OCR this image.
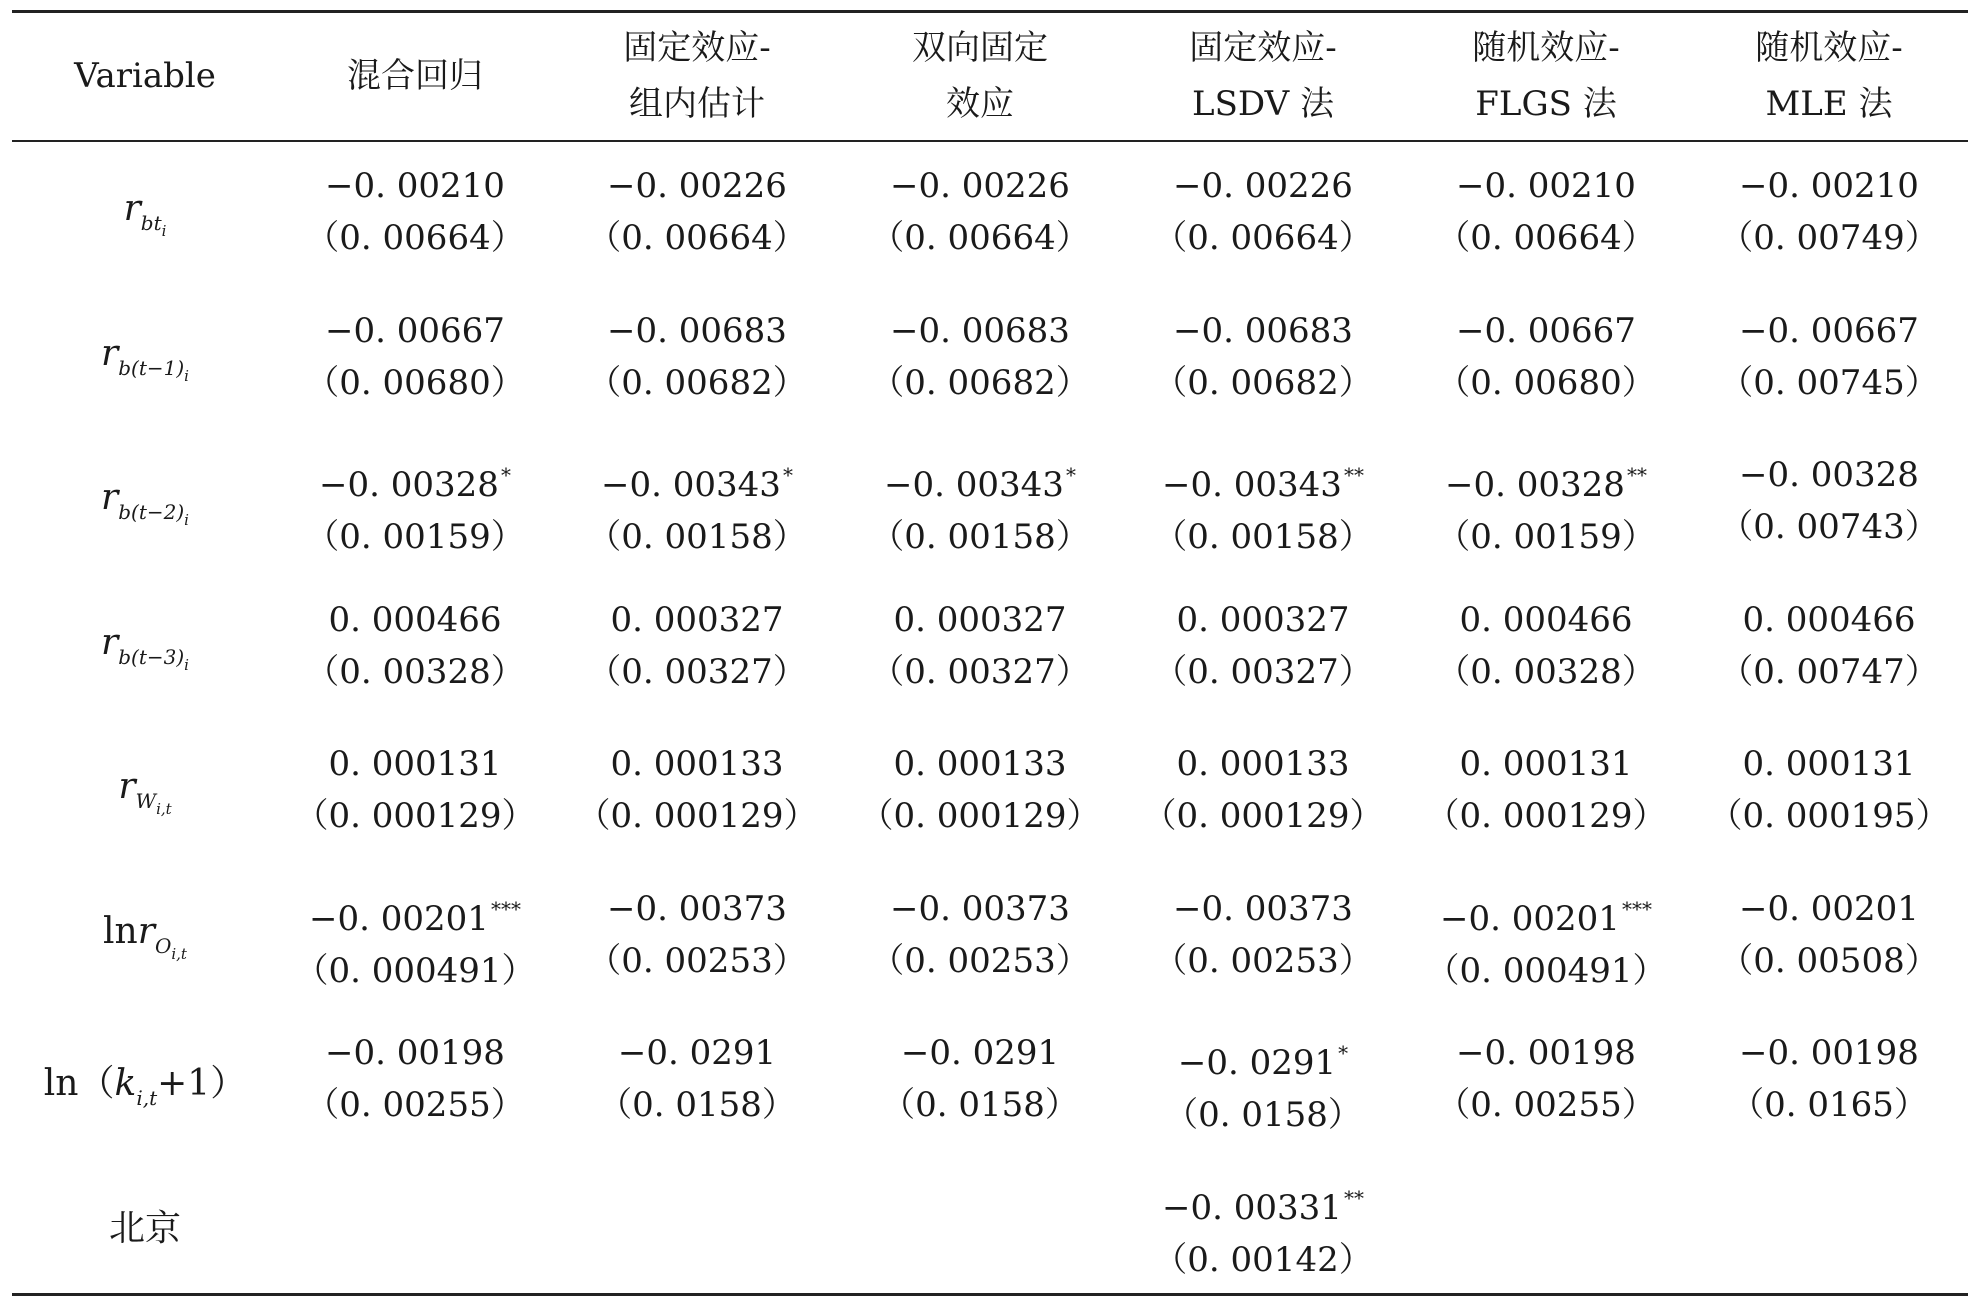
Variable	混合回归
固定效应-
组内估计
双向固定
效应
固定效应-
LSDV 法
随机效应-
FLGS 法
随机效应-
MLE 法
$r_{bt_i}$
−0. 00210
（0. 00664）
−0. 00226
（0. 00664）
−0. 00226
（0. 00664）
−0. 00226
（0. 00664）
−0. 00210
（0. 00664）
−0. 00210
（0. 00749）
$r_{b(t-1)_i}$
−0. 00667
（0. 00680）
−0. 00683
（0. 00682）
−0. 00683
（0. 00682）
−0. 00683
（0. 00682）
−0. 00667
（0. 00680）
−0. 00667
（0. 00745）
$r_{b(t-2)_i}$
−0. 00328 *
（0. 00159）
−0. 00343 *
（0. 00158）
−0. 00343 *
（0. 00158）
−0. 00343 **
（0. 00158）
−0. 00328 **
（0. 00159）
−0. 00328
（0. 00743）
$r_{b(t-3)_i}$
0. 000466
（0. 00328）
0. 000327
（0. 00327）
0. 000327
（0. 00327）
0. 000327
（0. 00327）
0. 000466
（0. 00328）
0. 000466
（0. 00747）
$r_{W_{i,t}}$
0. 000131
（0. 000129）
0. 000133
（0. 000129）
0. 000133
（0. 000129）
0. 000133
（0. 000129）
0. 000131
（0. 000129）
0. 000131
（0. 000195）
lnr$_{O_{i,t}}$
−0. 00201 ***
（0. 000491）
−0. 00373
（0. 00253）
−0. 00373
（0. 00253）
−0. 00373
（0. 00253）
−0. 00201 ***
（0. 000491）
−0. 00201
（0. 00508）
$\ln(k_{i,t}+1)$
−0. 00198
（0. 00255）
−0. 0291
（0. 0158）
−0. 0291
（0. 0158）
−0. 0291 *
（0. 0158）
−0. 00198
（0. 00255）
−0. 00198
（0. 0165）
北京	−0. 00331 **
（0. 00142）
